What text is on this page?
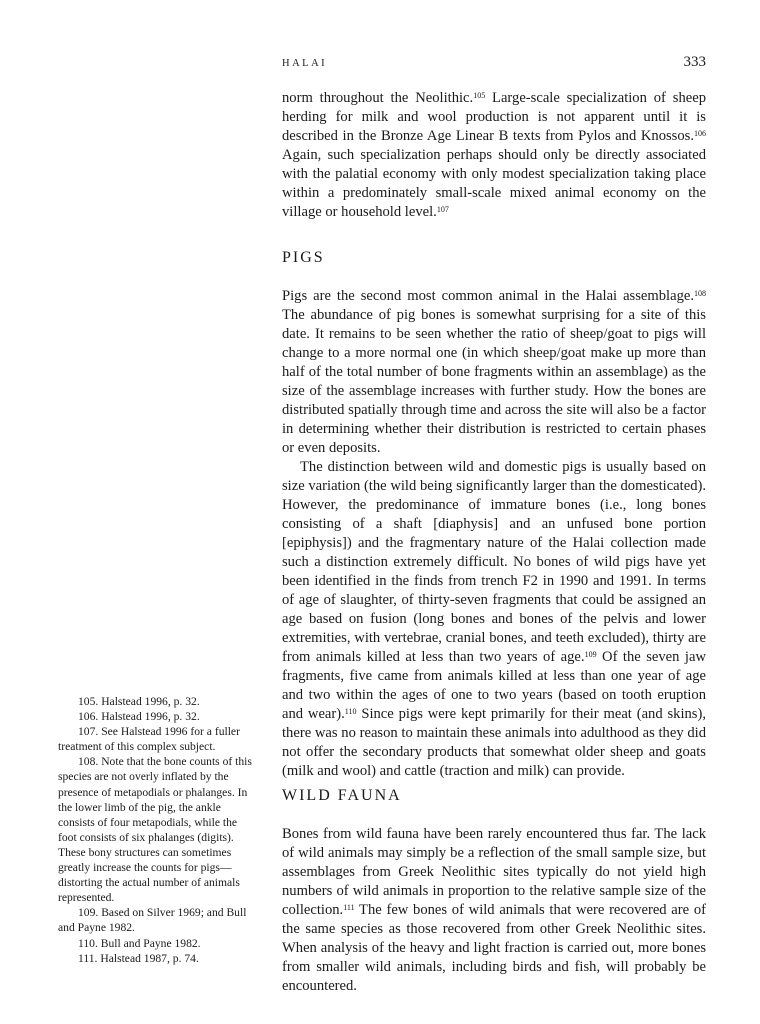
HALAI	333

norm throughout the Neolithic.$^{105}$ Large-scale specialization of sheep herding for milk and wool production is not apparent until it is described in the Bronze Age Linear B texts from Pylos and Knossos.$^{106}$ Again, such specialization perhaps should only be directly associated with the palatial economy with only modest specialization taking place within a predominately small-scale mixed animal economy on the village or household level.$^{107}$

PIGS

Pigs are the second most common animal in the Halai assemblage.$^{108}$ The abundance of pig bones is somewhat surprising for a site of this date. It remains to be seen whether the ratio of sheep/goat to pigs will change to a more normal one (in which sheep/goat make up more than half of the total number of bone fragments within an assemblage) as the size of the assemblage increases with further study. How the bones are distributed spatially through time and across the site will also be a factor in determining whether their distribution is restricted to certain phases or even deposits.

The distinction between wild and domestic pigs is usually based on size variation (the wild being significantly larger than the domesticated). However, the predominance of immature bones (i.e., long bones consisting of a shaft [diaphysis] and an unfused bone portion [epiphysis]) and the fragmentary nature of the Halai collection made such a distinction extremely difficult. No bones of wild pigs have yet been identified in the finds from trench F2 in 1990 and 1991. In terms of age of slaughter, of thirty-seven fragments that could be assigned an age based on fusion (long bones and bones of the pelvis and lower extremities, with vertebrae, cranial bones, and teeth excluded), thirty are from animals killed at less than two years of age.$^{109}$ Of the seven jaw fragments, five came from animals killed at less than one year of age and two within the ages of one to two years (based on tooth eruption and wear).$^{110}$ Since pigs were kept primarily for their meat (and skins), there was no reason to maintain these animals into adulthood as they did not offer the secondary products that somewhat older sheep and goats (milk and wool) and cattle (traction and milk) can provide.

WILD FAUNA

Bones from wild fauna have been rarely encountered thus far. The lack of wild animals may simply be a reflection of the small sample size, but assemblages from Greek Neolithic sites typically do not yield high numbers of wild animals in proportion to the relative sample size of the collection.$^{111}$ The few bones of wild animals that were recovered are of the same species as those recovered from other Greek Neolithic sites. When analysis of the heavy and light fraction is carried out, more bones from smaller wild animals, including birds and fish, will probably be encountered.

105. Halstead 1996, p. 32.

106. Halstead 1996, p. 32.

107. See Halstead 1996 for a fuller treatment of this complex subject.

108. Note that the bone counts of this species are not overly inflated by the presence of metapodials or phalanges. In the lower limb of the pig, the ankle consists of four metapodials, while the foot consists of six phalanges (digits). These bony structures can sometimes greatly increase the counts for pigs—distorting the actual number of animals represented.

109. Based on Silver 1969; and Bull and Payne 1982.

110. Bull and Payne 1982.

111. Halstead 1987, p. 74.
